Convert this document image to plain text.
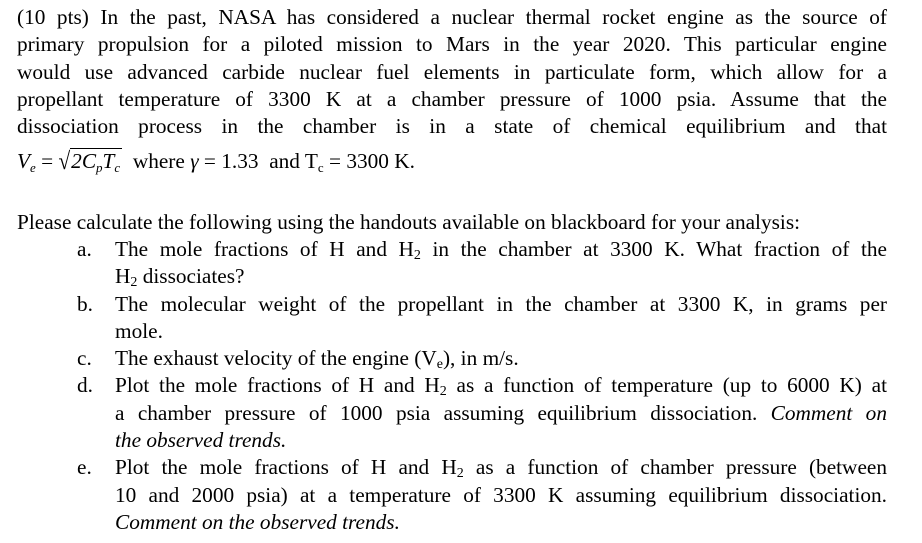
(10 pts) In the past, NASA has considered a nuclear thermal rocket engine as the source of
primary propulsion for a piloted mission to Mars in the year 2020. This particular engine
would use advanced carbide nuclear fuel elements in particulate form, which allow for a
propellant temperature of 3300 K at a chamber pressure of 1000 psia. Assume that the
dissociation process in the chamber is in a state of chemical equilibrium and that
$V_e = √2C_pT_c$ where γ = 1.33 and $T_c = 3300$ K.
Please calculate the following using the handouts available on blackboard for your analysis:
a.	The mole fractions of H and $H_2$ in the chamber at 3300 K. What fraction of the
$H_2$ dissociates?
b.	The molecular weight of the propellant in the chamber at 3300 K, in grams per
mole.
c.	The exhaust velocity of the engine $(V_e)$, in m/s.
d.	Plot the mole fractions of H and $H_2$ as a function of temperature (up to 6000 K) at
a chamber pressure of 1000 psia assuming equilibrium dissociation. Comment on
the observed trends.
e.	Plot the mole fractions of H and $H_2$ as a function of chamber pressure (between
10 and 2000 psia) at a temperature of 3300 K assuming equilibrium dissociation.
Comment on the observed trends.
